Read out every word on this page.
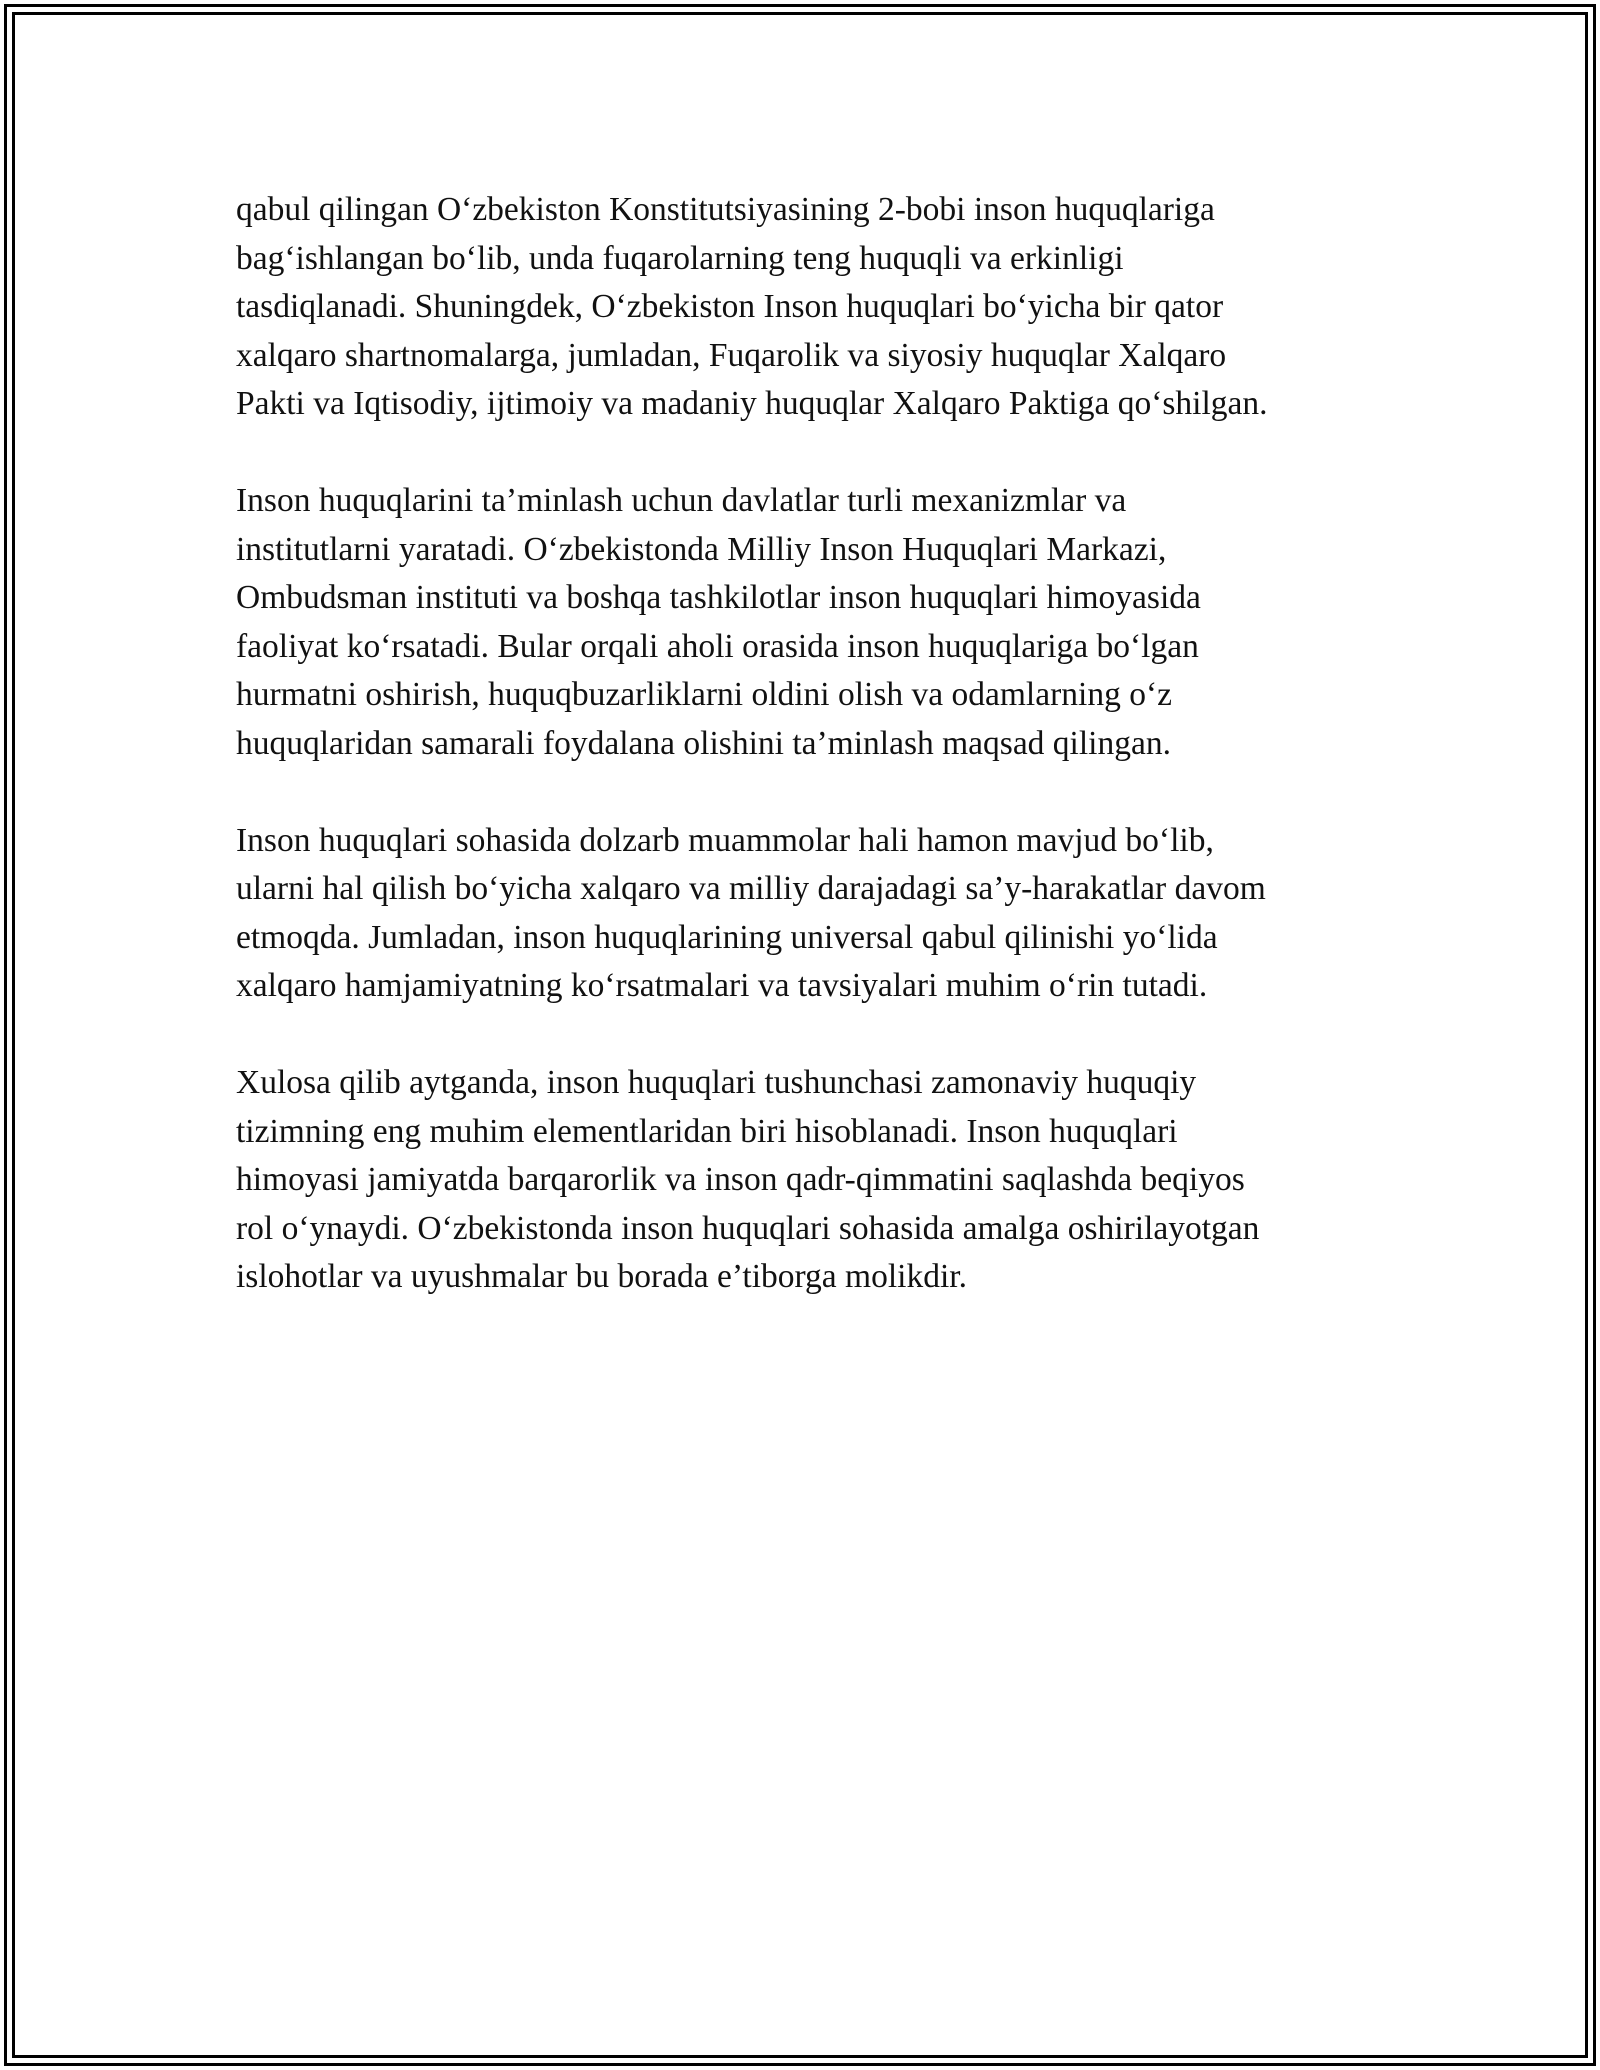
qabul qilingan O‘zbekiston Konstitutsiyasining 2-bobi inson huquqlariga
bag‘ishlangan bo‘lib, unda fuqarolarning teng huquqli va erkinligi
tasdiqlanadi. Shuningdek, O‘zbekiston Inson huquqlari bo‘yicha bir qator
xalqaro shartnomalarga, jumladan, Fuqarolik va siyosiy huquqlar Xalqaro
Pakti va Iqtisodiy, ijtimoiy va madaniy huquqlar Xalqaro Paktiga qo‘shilgan.

Inson huquqlarini ta’minlash uchun davlatlar turli mexanizmlar va
institutlarni yaratadi. O‘zbekistonda Milliy Inson Huquqlari Markazi,
Ombudsman instituti va boshqa tashkilotlar inson huquqlari himoyasida
faoliyat ko‘rsatadi. Bular orqali aholi orasida inson huquqlariga bo‘lgan
hurmatni oshirish, huquqbuzarliklarni oldini olish va odamlarning o‘z
huquqlaridan samarali foydalana olishini ta’minlash maqsad qilingan.

Inson huquqlari sohasida dolzarb muammolar hali hamon mavjud bo‘lib,
ularni hal qilish bo‘yicha xalqaro va milliy darajadagi sa’y-harakatlar davom
etmoqda. Jumladan, inson huquqlarining universal qabul qilinishi yo‘lida
xalqaro hamjamiyatning ko‘rsatmalari va tavsiyalari muhim o‘rin tutadi.

Xulosa qilib aytganda, inson huquqlari tushunchasi zamonaviy huquqiy
tizimning eng muhim elementlaridan biri hisoblanadi. Inson huquqlari
himoyasi jamiyatda barqarorlik va inson qadr-qimmatini saqlashda beqiyos
rol o‘ynaydi. O‘zbekistonda inson huquqlari sohasida amalga oshirilayotgan
islohotlar va uyushmalar bu borada e’tiborga molikdir.
